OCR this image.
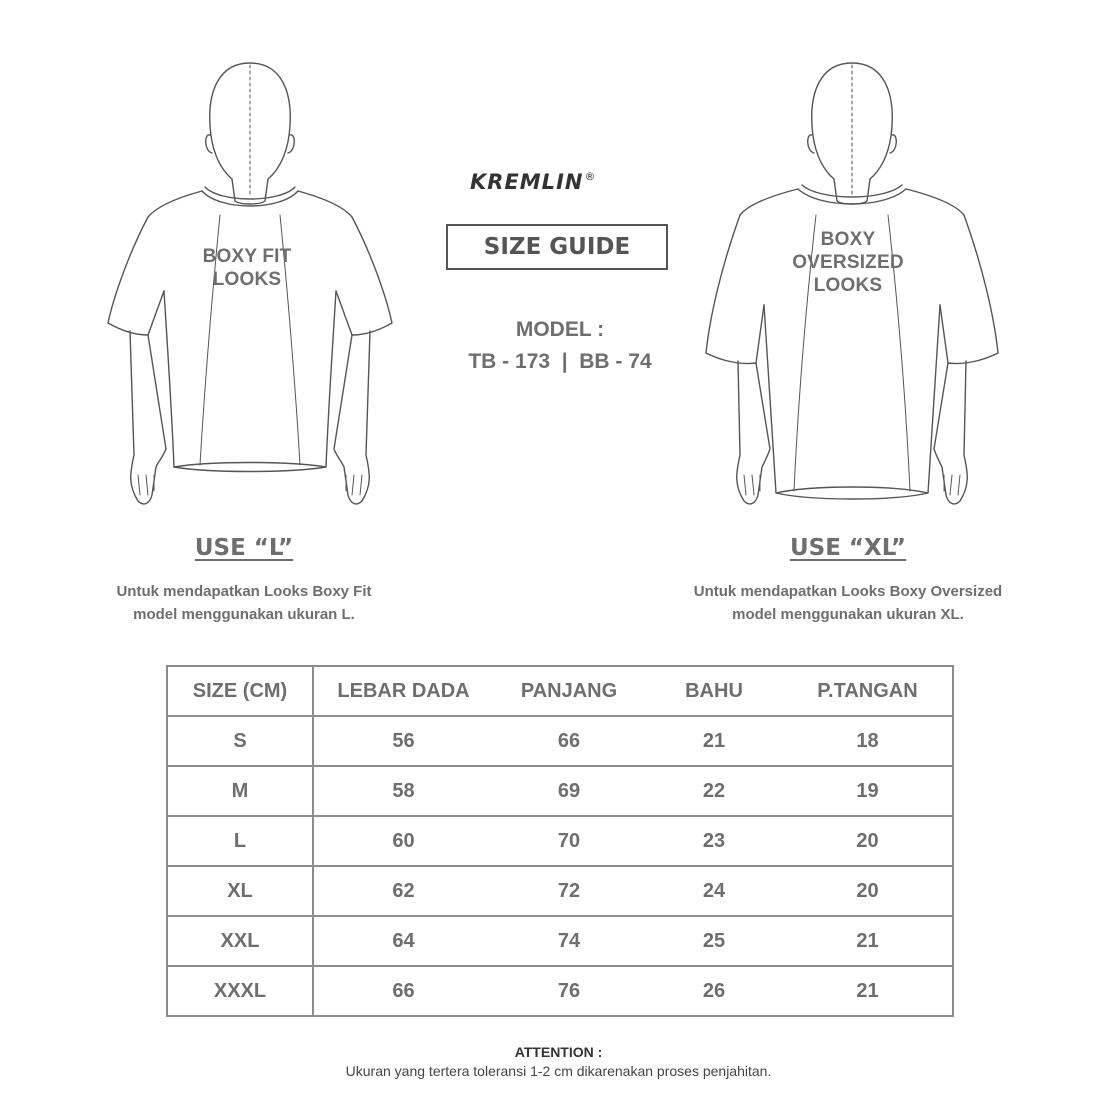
BOXY FIT
LOOKS
BOXY
OVERSIZED
LOOKS
KREMLIN®
SIZE GUIDE
MODEL :
TB - 173  |  BB - 74
USE “L”
Untuk mendapatkan Looks Boxy Fit
model menggunakan ukuran L.
USE “XL”
Untuk mendapatkan Looks Boxy Oversized
model menggunakan ukuran XL.
SIZE (CM)	LEBAR DADA	PANJANG	BAHU	P.TANGAN
S	56	66	21	18
M	58	69	22	19
L	60	70	23	20
XL	62	72	24	20
XXL	64	74	25	21
XXXL	66	76	26	21
ATTENTION :
Ukuran yang tertera toleransi 1-2 cm dikarenakan proses penjahitan.
